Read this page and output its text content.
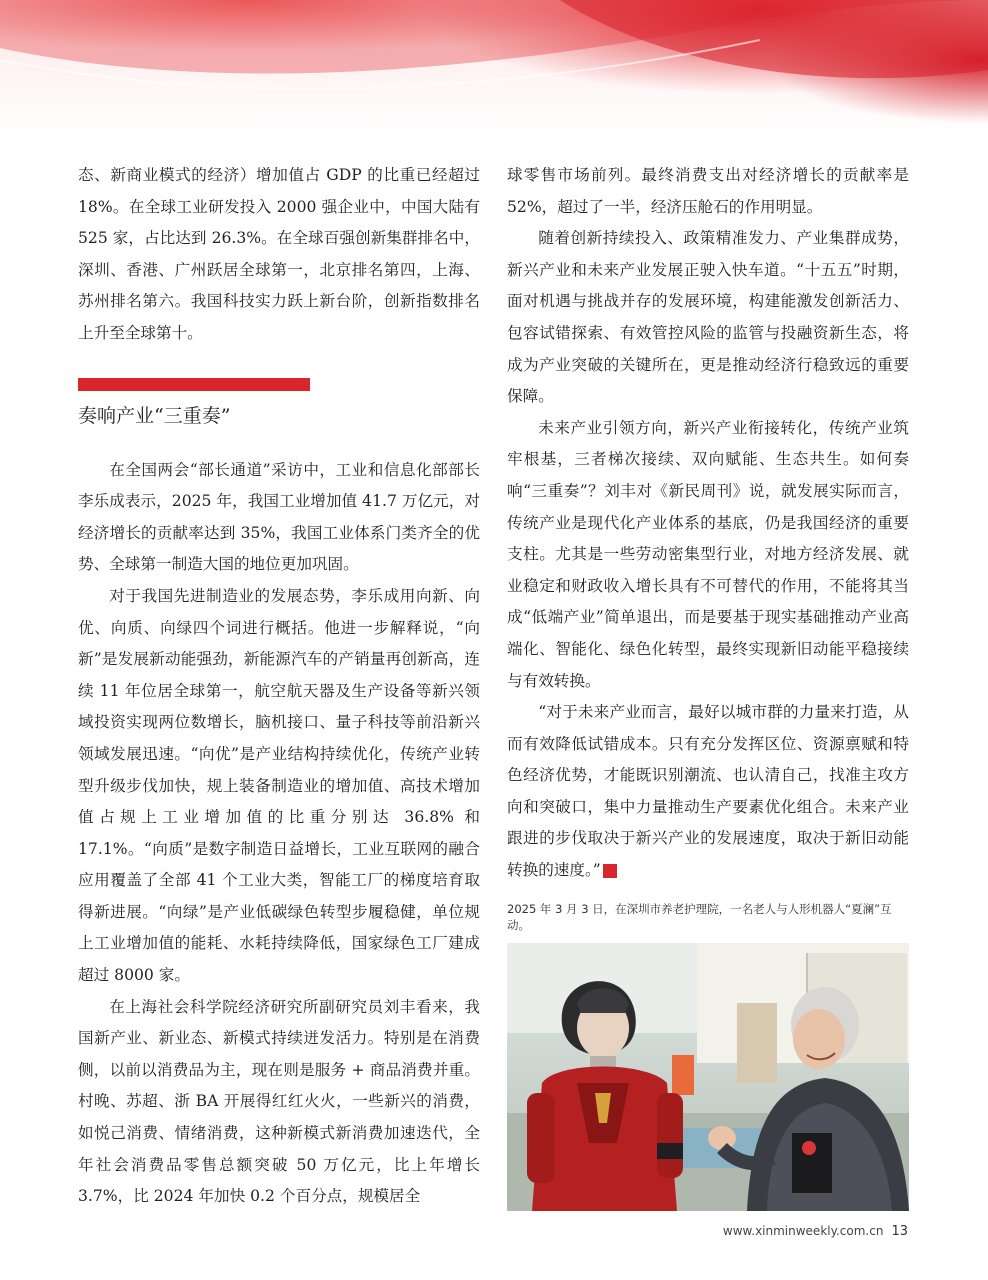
态、新商业模式的经济）增加值占 GDP 的比重已经超过 18%。在全球工业研发投入 2000 强企业中，中国大陆有 525 家，占比达到 26.3%。在全球百强创新集群排名中，深圳、香港、广州跃居全球第一，北京排名第四，上海、苏州排名第六。我国科技实力跃上新台阶，创新指数排名上升至全球第十。

奏响产业“三重奏”

在全国两会“部长通道”采访中，工业和信息化部部长李乐成表示，2025 年，我国工业增加值 41.7 万亿元，对经济增长的贡献率达到 35%，我国工业体系门类齐全的优势、全球第一制造大国的地位更加巩固。

对于我国先进制造业的发展态势，李乐成用向新、向优、向质、向绿四个词进行概括。他进一步解释说，“向新”是发展新动能强劲，新能源汽车的产销量再创新高，连续 11 年位居全球第一，航空航天器及生产设备等新兴领域投资实现两位数增长，脑机接口、量子科技等前沿新兴领域发展迅速。“向优”是产业结构持续优化，传统产业转型升级步伐加快，规上装备制造业的增加值、高技术增加值占规上工业增加值的比重分别达 36.8% 和 17.1%。“向质”是数字制造日益增长，工业互联网的融合应用覆盖了全部 41 个工业大类，智能工厂的梯度培育取得新进展。“向绿”是产业低碳绿色转型步履稳健，单位规上工业增加值的能耗、水耗持续降低，国家绿色工厂建成超过 8000 家。

在上海社会科学院经济研究所副研究员刘丰看来，我国新产业、新业态、新模式持续迸发活力。特别是在消费侧，以前以消费品为主，现在则是服务 + 商品消费并重。村晚、苏超、浙 BA 开展得红红火火，一些新兴的消费，如悦己消费、情绪消费，这种新模式新消费加速迭代，全年社会消费品零售总额突破 50 万亿元，比上年增长 3.7%，比 2024 年加快 0.2 个百分点，规模居全

球零售市场前列。最终消费支出对经济增长的贡献率是 52%，超过了一半，经济压舱石的作用明显。

随着创新持续投入、政策精准发力、产业集群成势，新兴产业和未来产业发展正驶入快车道。“十五五”时期，面对机遇与挑战并存的发展环境，构建能激发创新活力、包容试错探索、有效管控风险的监管与投融资新生态，将成为产业突破的关键所在，更是推动经济行稳致远的重要保障。

未来产业引领方向，新兴产业衔接转化，传统产业筑牢根基，三者梯次接续、双向赋能、生态共生。如何奏响“三重奏”？刘丰对《新民周刊》说，就发展实际而言，传统产业是现代化产业体系的基底，仍是我国经济的重要支柱。尤其是一些劳动密集型行业，对地方经济发展、就业稳定和财政收入增长具有不可替代的作用，不能将其当成“低端产业”简单退出，而是要基于现实基础推动产业高端化、智能化、绿色化转型，最终实现新旧动能平稳接续与有效转换。

“对于未来产业而言，最好以城市群的力量来打造，从而有效降低试错成本。只有充分发挥区位、资源禀赋和特色经济优势，才能既识别潮流、也认清自己，找准主攻方向和突破口，集中力量推动生产要素优化组合。未来产业跟进的步伐取决于新兴产业的发展速度，取决于新旧动能转换的速度。”	民

2025 年 3 月 3 日，在深圳市养老护理院，一名老人与人形机器人“夏澜”互动。
www.xinminweekly.com.cn 13
